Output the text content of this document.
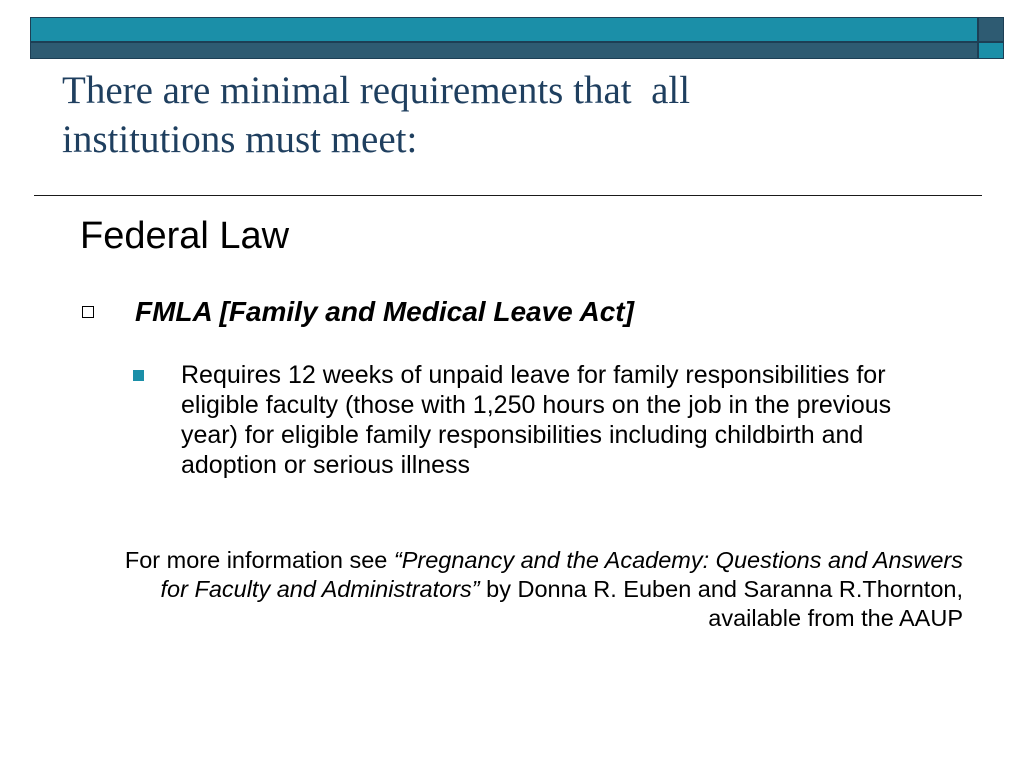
There are minimal requirements that  all
institutions must meet:
Federal Law
FMLA [Family and Medical Leave Act]

Requires 12 weeks of unpaid leave for family responsibilities for eligible faculty (those with 1,250 hours on the job in the previous year) for eligible family responsibilities including childbirth and adoption or serious illness

For more information see “Pregnancy and the Academy: Questions and Answers for Faculty and Administrators” by Donna R. Euben and Saranna R.Thornton, available from the AAUP
